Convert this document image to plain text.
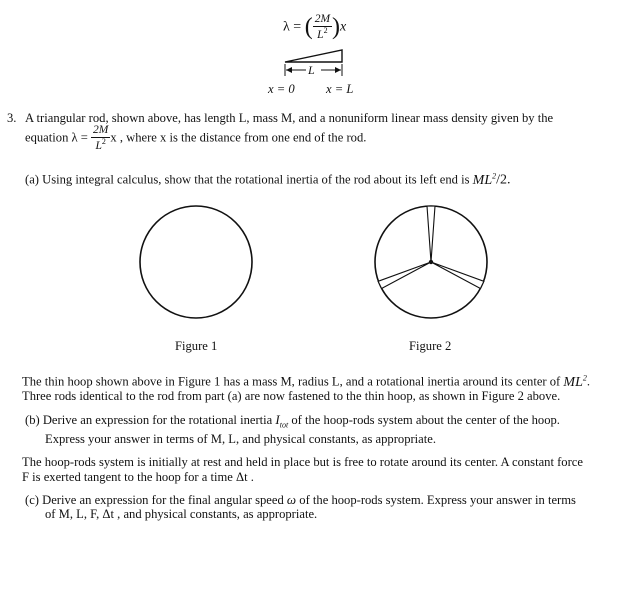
λ = ( $\frac{2M}{L^2} )x$
L
x = 0 x = L
3. A triangular rod, shown above, has length L, mass M, and a nonuniform linear mass density given by the
equation $\lambda = \frac{2M}{L^2}$ x , where x is the distance from one end of the rod.
(a) Using integral calculus, show that the rotational inertia of the rod about its left end is $ML^2/2$.
Figure 1	Figure 2
The thin hoop shown above in Figure 1 has a mass M, radius L, and a rotational inertia around its center of $ML^2$.
Three rods identical to the rod from part (a) are now fastened to the thin hoop, as shown in Figure 2 above.
(b) Derive an expression for the rotational inertia $I_{tot}$ of the hoop-rods system about the center of the hoop.
Express your answer in terms of M, L, and physical constants, as appropriate.
The hoop-rods system is initially at rest and held in place but is free to rotate around its center. A constant force
F is exerted tangent to the hoop for a time Δt .
(c) Derive an expression for the final angular speed ω of the hoop-rods system. Express your answer in terms
of M, L, F, Δt , and physical constants, as appropriate.
